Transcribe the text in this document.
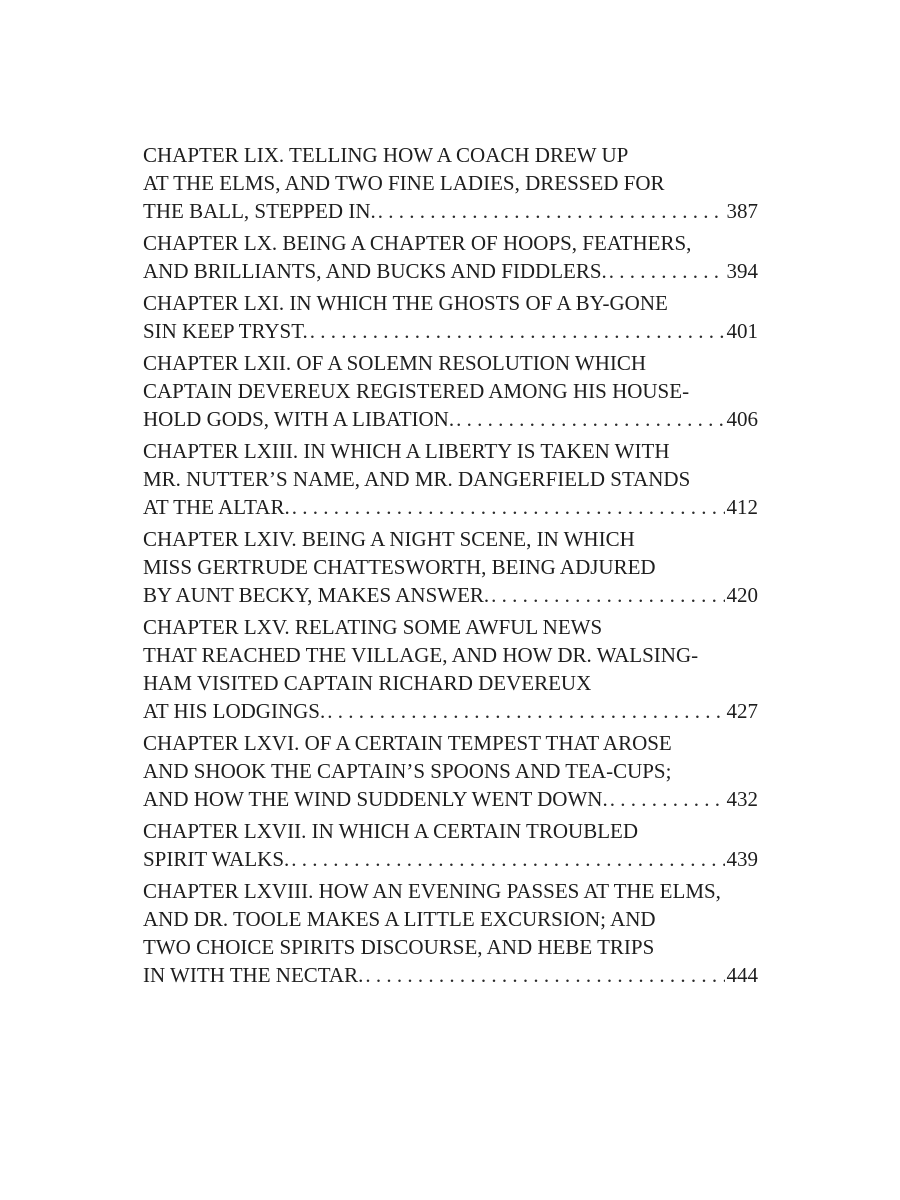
CHAPTER LIX. TELLING HOW A COACH DREW UP
AT THE ELMS, AND TWO FINE LADIES, DRESSED FOR
THE BALL, STEPPED IN. . . .	387
CHAPTER LX. BEING A CHAPTER OF HOOPS, FEATHERS,
AND BRILLIANTS, AND BUCKS AND FIDDLERS. . . .	394
CHAPTER LXI. IN WHICH THE GHOSTS OF A BY-GONE
SIN KEEP TRYST. . . .	401
CHAPTER LXII. OF A SOLEMN RESOLUTION WHICH
CAPTAIN DEVEREUX REGISTERED AMONG HIS HOUSE-
HOLD GODS, WITH A LIBATION. . . .	406
CHAPTER LXIII. IN WHICH A LIBERTY IS TAKEN WITH
MR. NUTTER’S NAME, AND MR. DANGERFIELD STANDS
AT THE ALTAR. . . .	412
CHAPTER LXIV. BEING A NIGHT SCENE, IN WHICH
MISS GERTRUDE CHATTESWORTH, BEING ADJURED
BY AUNT BECKY, MAKES ANSWER. . . .	420
CHAPTER LXV. RELATING SOME AWFUL NEWS
THAT REACHED THE VILLAGE, AND HOW DR. WALSING-
HAM VISITED CAPTAIN RICHARD DEVEREUX
AT HIS LODGINGS. . . .	427
CHAPTER LXVI. OF A CERTAIN TEMPEST THAT AROSE
AND SHOOK THE CAPTAIN’S SPOONS AND TEA-CUPS;
AND HOW THE WIND SUDDENLY WENT DOWN. . . .	432
CHAPTER LXVII. IN WHICH A CERTAIN TROUBLED
SPIRIT WALKS. . . .	439
CHAPTER LXVIII. HOW AN EVENING PASSES AT THE ELMS,
AND DR. TOOLE MAKES A LITTLE EXCURSION; AND
TWO CHOICE SPIRITS DISCOURSE, AND HEBE TRIPS
IN WITH THE NECTAR. . . .	444
